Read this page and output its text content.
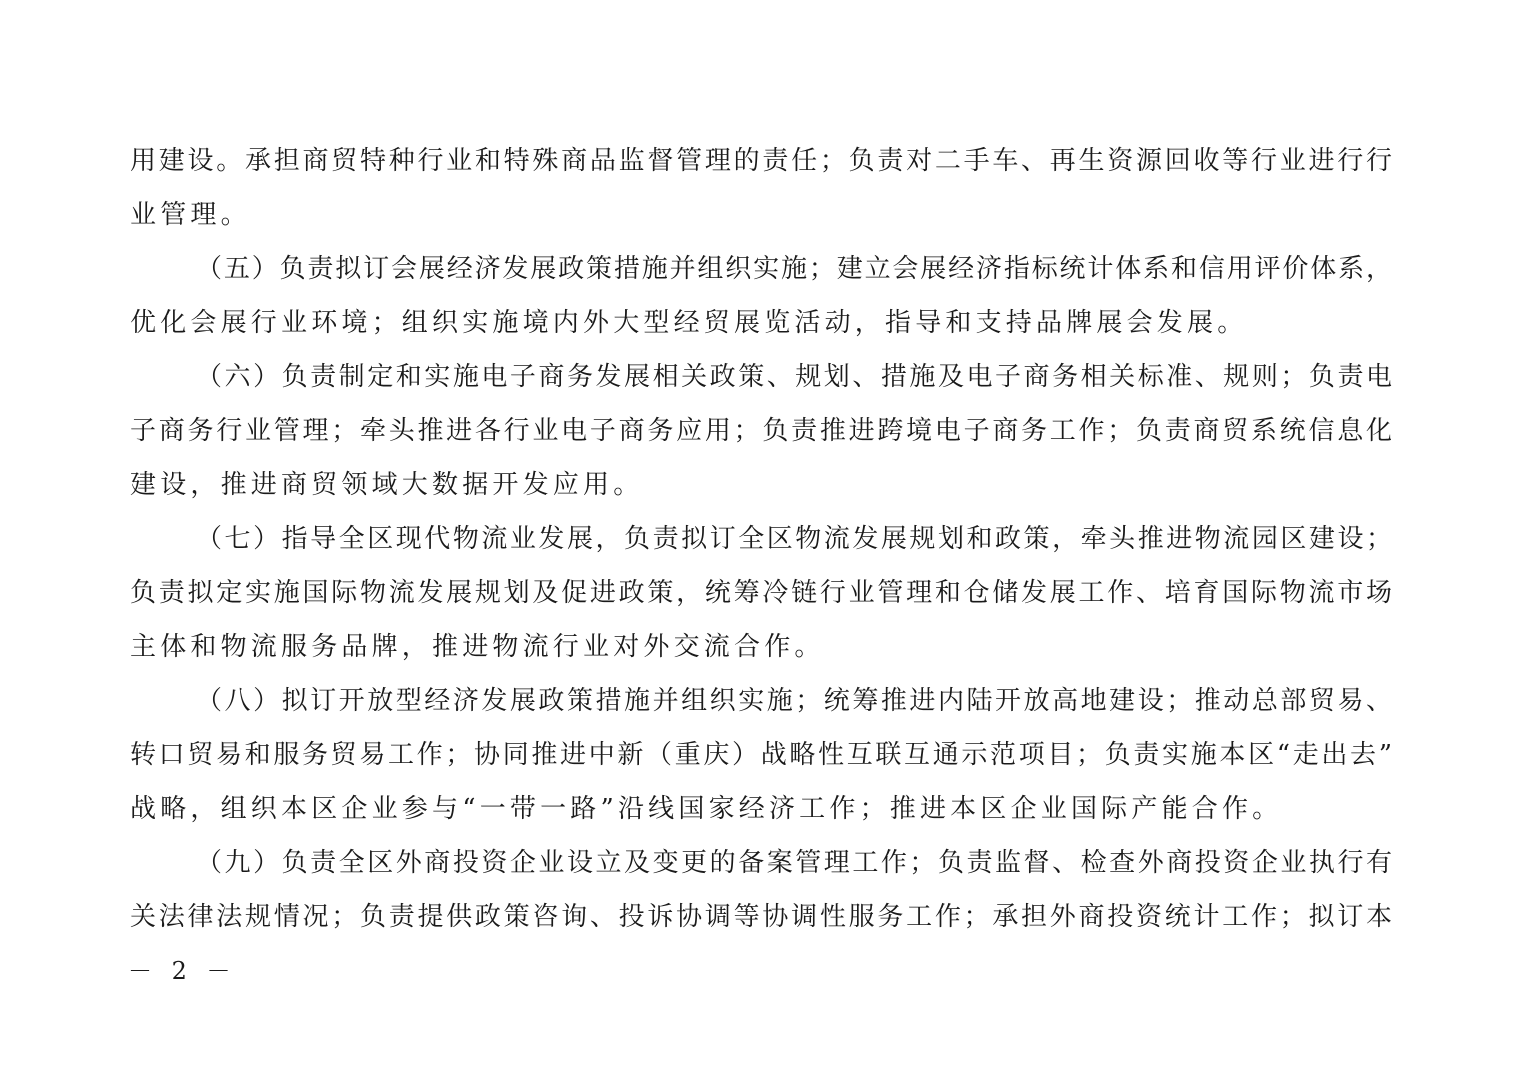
用建设。承担商贸特种行业和特殊商品监督管理的责任；负责对二手车、再生资源回收等行业进行行
业管理。
（五）负责拟订会展经济发展政策措施并组织实施；建立会展经济指标统计体系和信用评价体系，
优化会展行业环境；组织实施境内外大型经贸展览活动，指导和支持品牌展会发展。
（六）负责制定和实施电子商务发展相关政策、规划、措施及电子商务相关标准、规则；负责电
子商务行业管理；牵头推进各行业电子商务应用；负责推进跨境电子商务工作；负责商贸系统信息化
建设，推进商贸领域大数据开发应用。
（七）指导全区现代物流业发展，负责拟订全区物流发展规划和政策，牵头推进物流园区建设；
负责拟定实施国际物流发展规划及促进政策，统筹冷链行业管理和仓储发展工作、培育国际物流市场
主体和物流服务品牌，推进物流行业对外交流合作。
（八）拟订开放型经济发展政策措施并组织实施；统筹推进内陆开放高地建设；推动总部贸易、
转口贸易和服务贸易工作；协同推进中新（重庆）战略性互联互通示范项目；负责实施本区“走出去”
战略，组织本区企业参与“一带一路”沿线国家经济工作；推进本区企业国际产能合作。
（九）负责全区外商投资企业设立及变更的备案管理工作；负责监督、检查外商投资企业执行有
关法律法规情况；负责提供政策咨询、投诉协调等协调性服务工作；承担外商投资统计工作；拟订本
－ 2 －
